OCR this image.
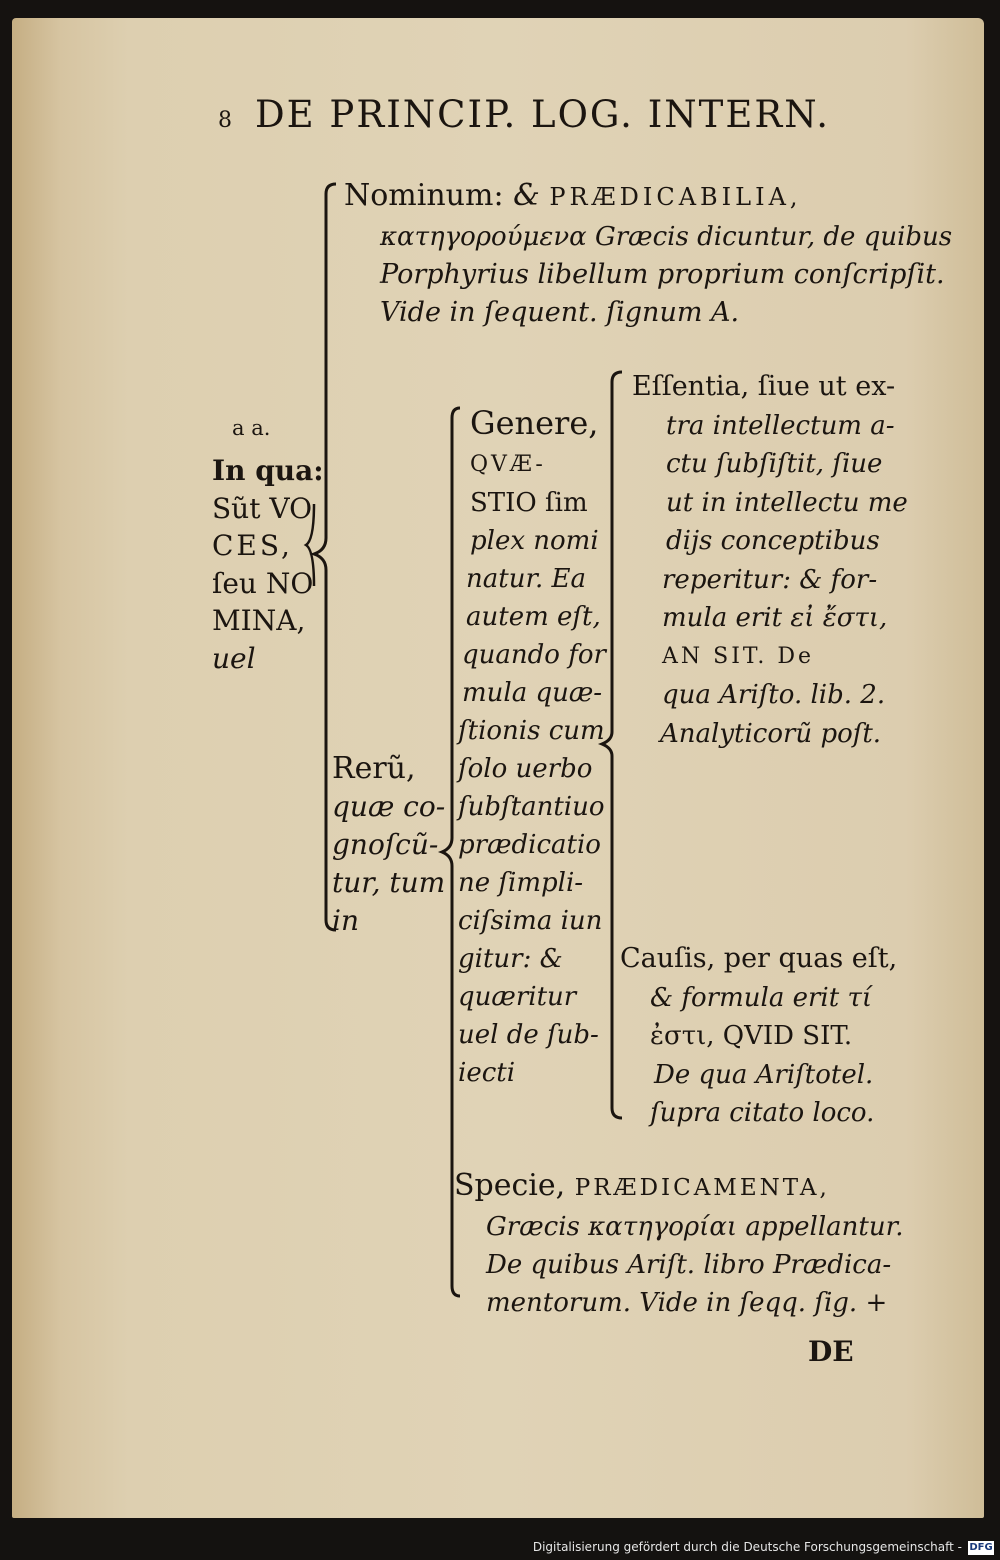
8 DE PRINCIP. LOG. INTERN.

a a.

In qua:
Sũt VO
CES,
ſeu NO
MINA,
uel
Nominum: & PRÆDICABILIA,
κατηγορούμενα Græcis dicuntur, de quibus
Porphyrius libellum proprium conſcripſit.
Vide in ſequent. ſignum A.
Rerũ,
quæ co-
gnoſcũ-
tur, tum
in
Genere,
QVÆ-
STIO ſim
plex nomi
natur. Ea
autem eſt,
quando for
mula quæ-
ſtionis cum
ſolo uerbo
ſubſtantiuo
prædicatio
ne ſimpli-
ciſsima iun
gitur: &
quæritur
uel de ſub-
iecti
Eſſentia, ſiue ut ex-
tra intellectum a-
ctu ſubſiſtit, ſiue
ut in intellectu me
dijs conceptibus
reperitur: & for-
mula erit εἰ ἔστι,
AN SIT. De
qua Ariſto. lib. 2.
Analyticorũ poſt.
Cauſis, per quas eſt,
& formula erit τί
ἐστι, QVID SIT.
De qua Ariſtotel.
ſupra citato loco.
Specie, PRÆDICAMENTA,
Græcis κατηγορίαι appellantur.
De quibus Ariſt. libro Prædica-
mentorum. Vide in ſeqq. ſig. +

DE

Digitalisierung gefördert durch die Deutsche Forschungsgemeinschaft - DFG
